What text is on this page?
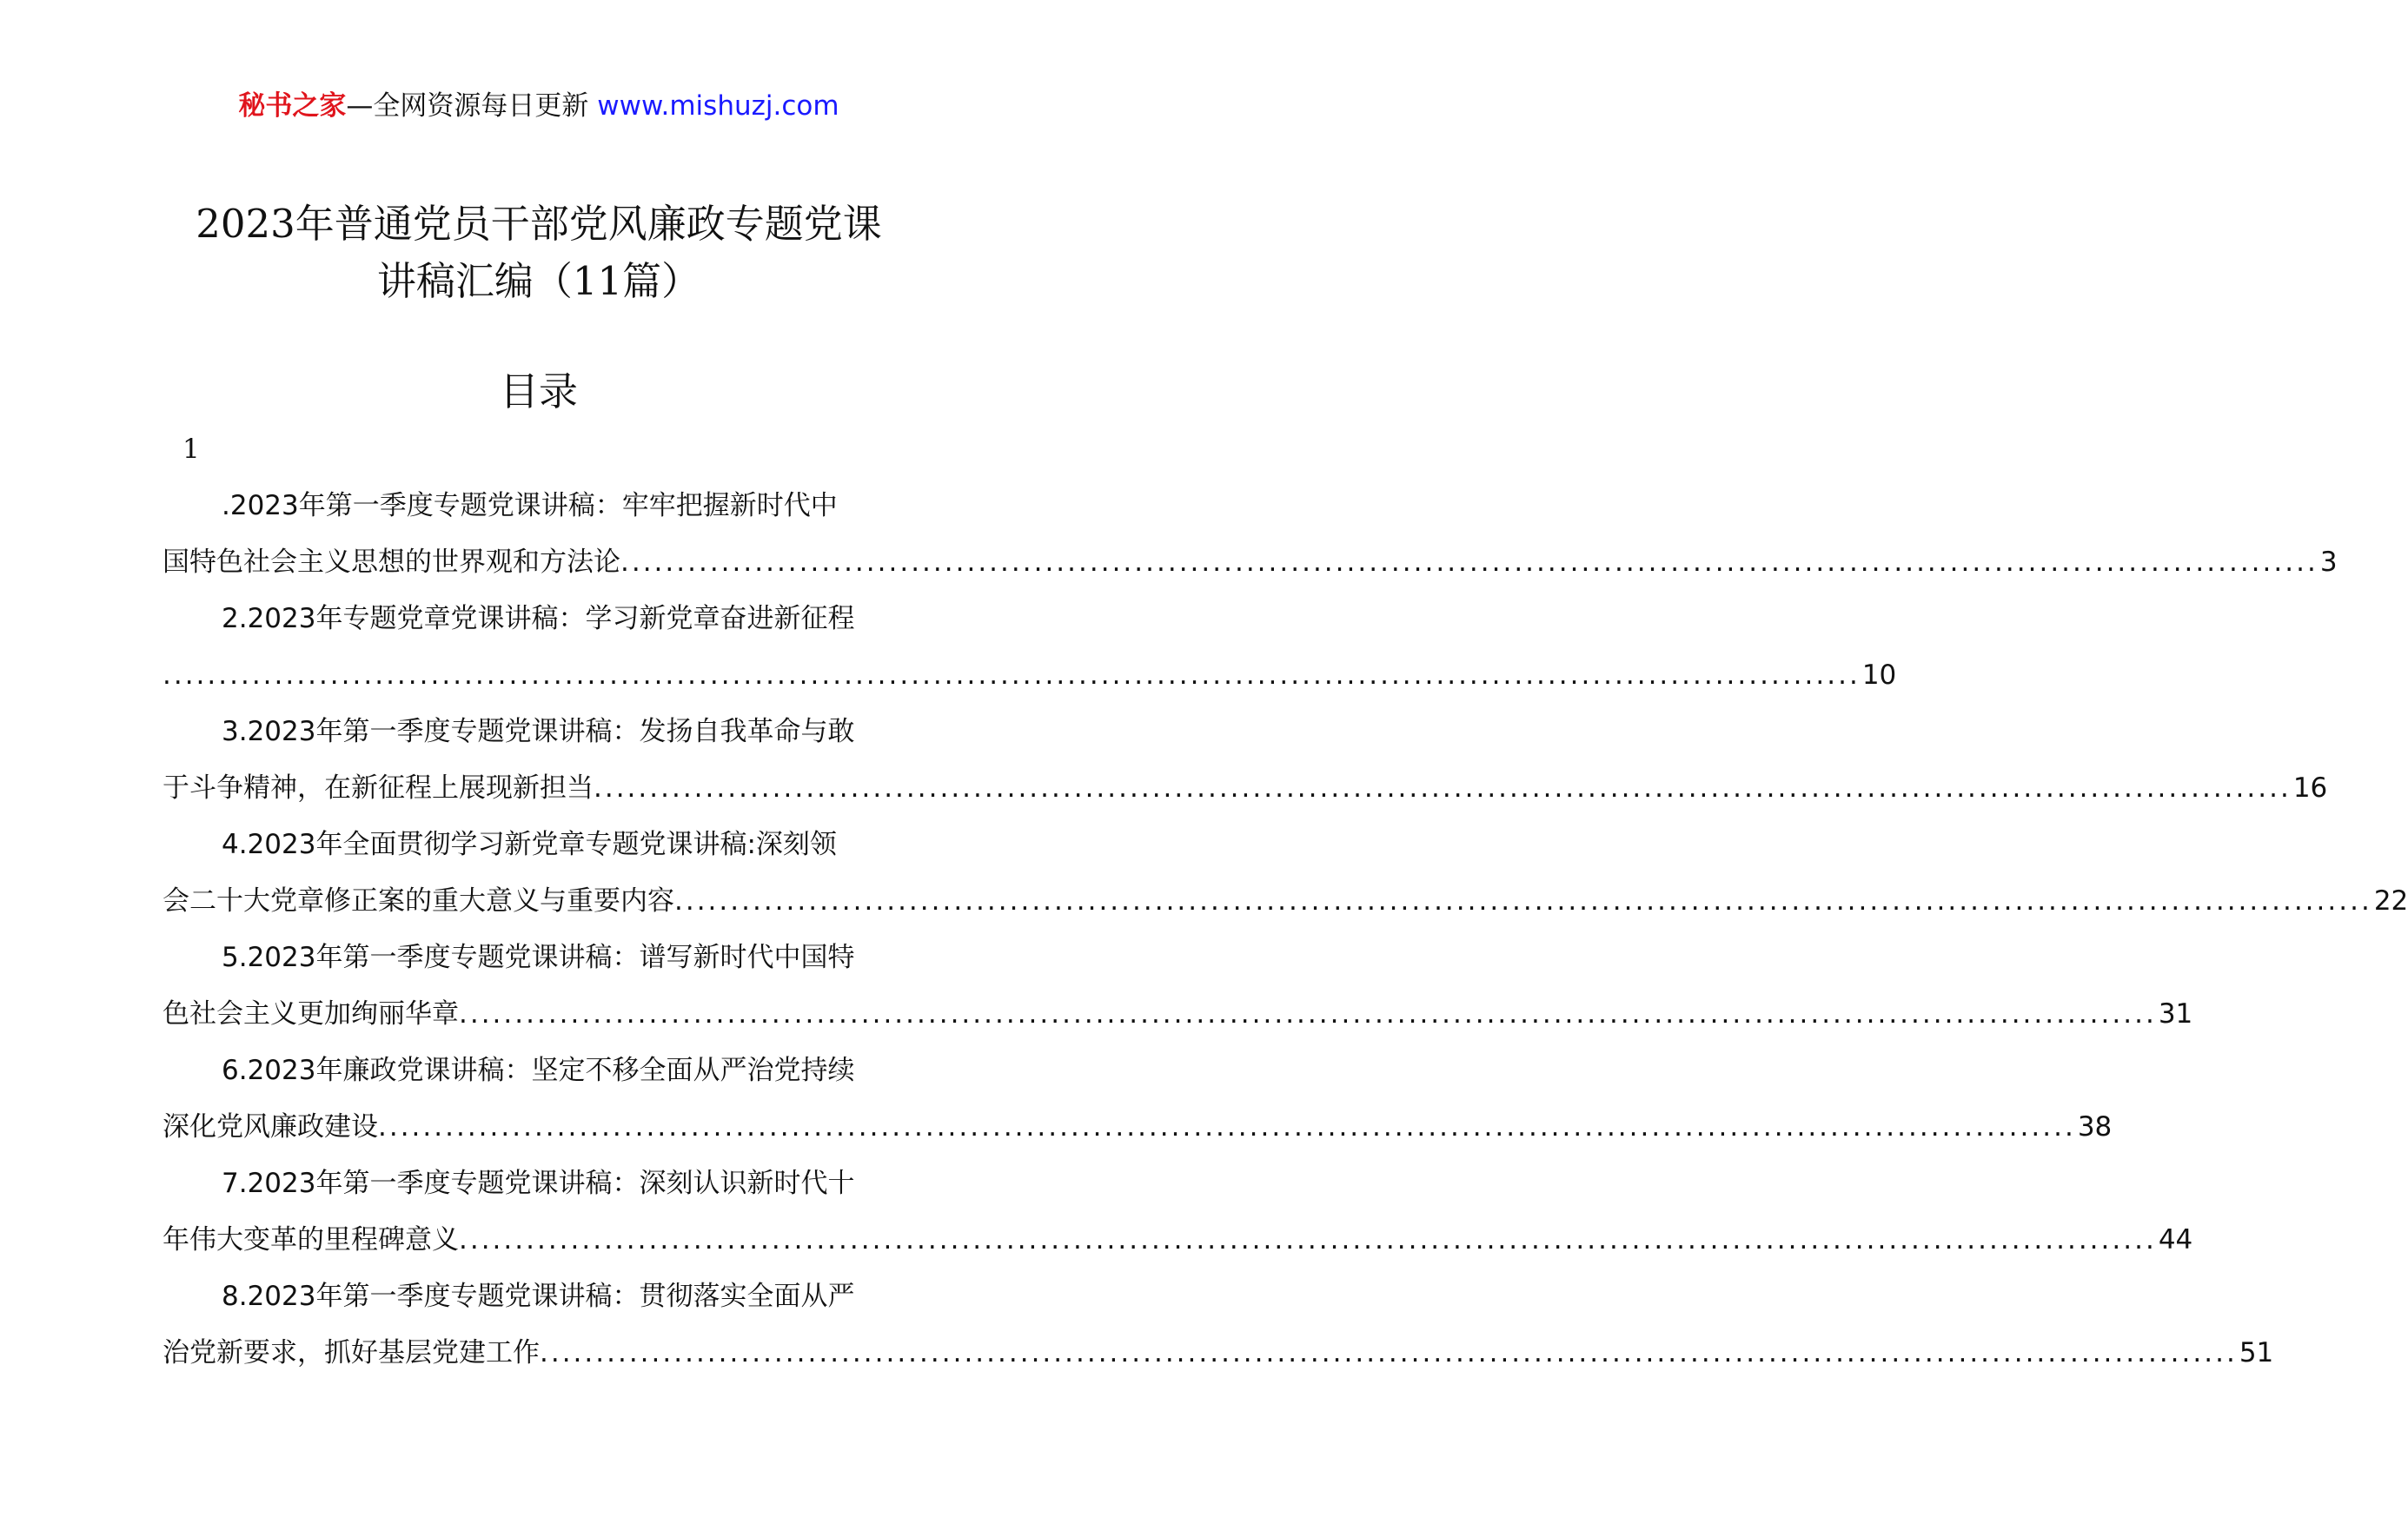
秘书之家—全网资源每日更新 www.mishuzj.com
2023年普通党员干部党风廉政专题党课
讲稿汇编（11篇）
目录
1
.2023年第一季度专题党课讲稿：牢牢把握新时代中
国特色社会主义思想的世界观和方法论 ........................................................................................................................................................ 3
2.2023年专题党章党课讲稿：学习新党章奋进新征程
........................................................................................................................................................ 10
3.2023年第一季度专题党课讲稿：发扬自我革命与敢
于斗争精神，在新征程上展现新担当 ........................................................................................................................................................ 16
4.2023年全面贯彻学习新党章专题党课讲稿:深刻领
会二十大党章修正案的重大意义与重要内容 ........................................................................................................................................................ 22
5.2023年第一季度专题党课讲稿：谱写新时代中国特
色社会主义更加绚丽华章 ........................................................................................................................................................ 31
6.2023年廉政党课讲稿：坚定不移全面从严治党持续
深化党风廉政建设 ........................................................................................................................................................ 38
7.2023年第一季度专题党课讲稿：深刻认识新时代十
年伟大变革的里程碑意义 ........................................................................................................................................................ 44
8.2023年第一季度专题党课讲稿：贯彻落实全面从严
治党新要求，抓好基层党建工作 ........................................................................................................................................................ 51
